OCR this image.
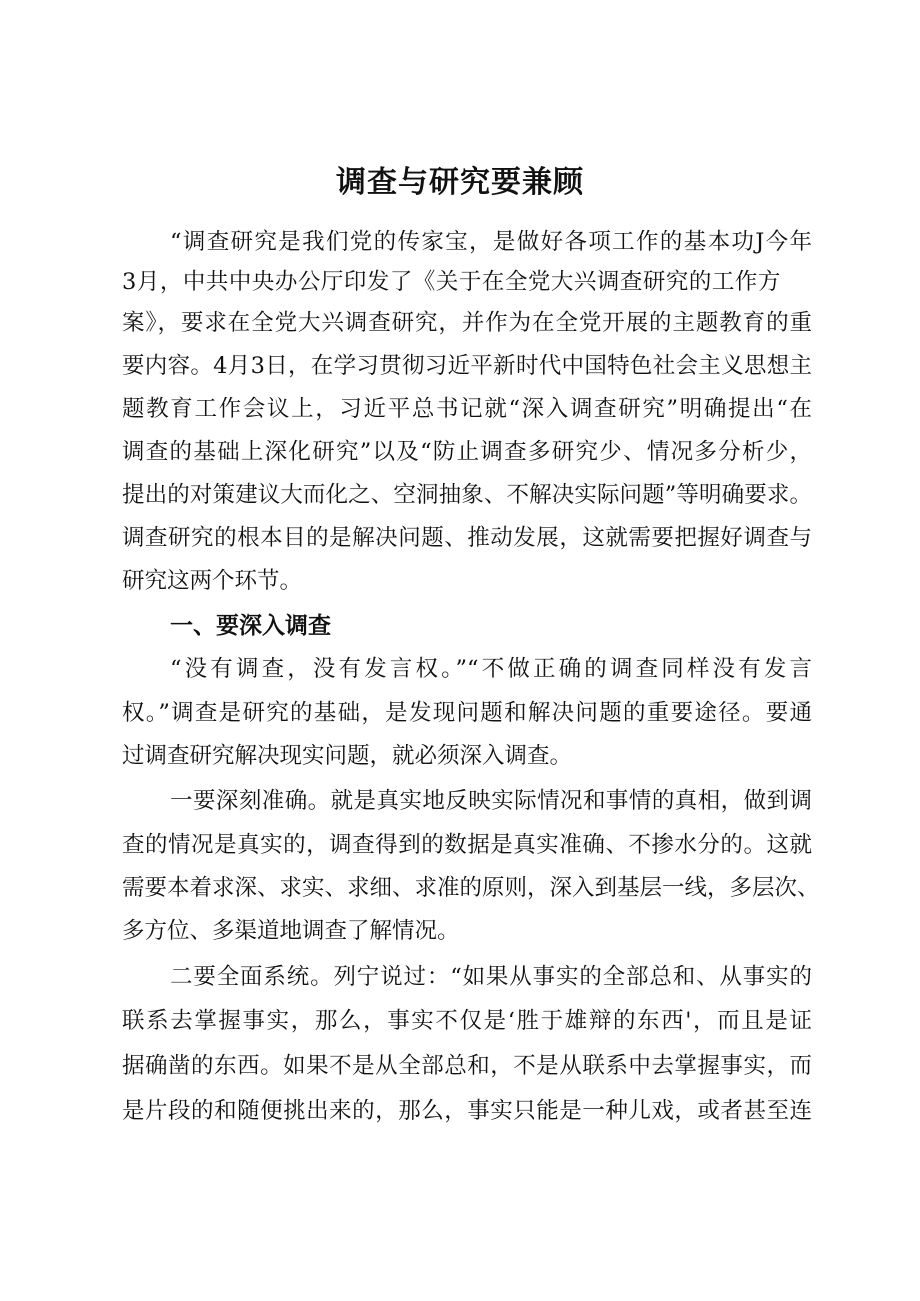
调查与研究要兼顾

“调查研究是我们党的传家宝，是做好各项工作的基本功J今年

3月，中共中央办公厅印发了《关于在全党大兴调查研究的工作方

案》，要求在全党大兴调查研究，并作为在全党开展的主题教育的重

要内容。4月3日，在学习贯彻习近平新时代中国特色社会主义思想主

题教育工作会议上，习近平总书记就“深入调查研究”明确提出“在

调查的基础上深化研究”以及“防止调查多研究少、情况多分析少，

提出的对策建议大而化之、空洞抽象、不解决实际问题”等明确要求。

调查研究的根本目的是解决问题、推动发展，这就需要把握好调查与

研究这两个环节。

一、要深入调查

“没有调查，没有发言权。”“不做正确的调查同样没有发言

权。”调查是研究的基础，是发现问题和解决问题的重要途径。要通

过调查研究解决现实问题，就必须深入调查。

一要深刻准确。就是真实地反映实际情况和事情的真相，做到调

查的情况是真实的，调查得到的数据是真实准确、不掺水分的。这就

需要本着求深、求实、求细、求准的原则，深入到基层一线，多层次、

多方位、多渠道地调查了解情况。

二要全面系统。列宁说过：“如果从事实的全部总和、从事实的

联系去掌握事实，那么，事实不仅是‘胜于雄辩的东西'，而且是证

据确凿的东西。如果不是从全部总和，不是从联系中去掌握事实，而

是片段的和随便挑出来的，那么，事实只能是一种儿戏，或者甚至连
